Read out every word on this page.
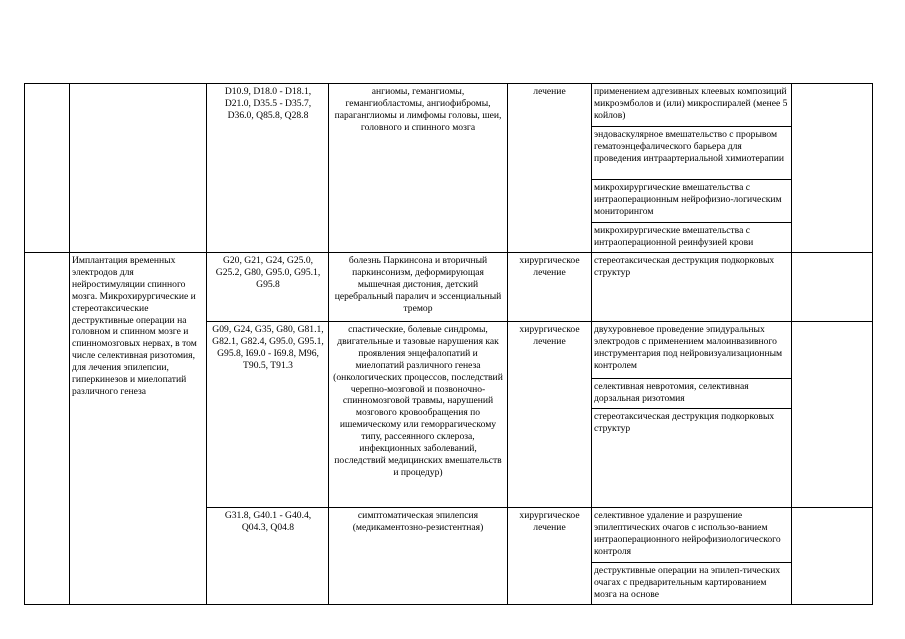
D10.9, D18.0 - D18.1, D21.0, D35.5 - D35.7, D36.0, Q85.8, Q28.8
ангиомы, гемангиомы, гемангиобластомы, ангиофибромы, параганглиомы и лимфомы головы, шеи, головного и спинного мозга
лечение	применением адгезивных клеевых композиций микроэмболов и (или) микроспиралей (менее 5 койлов)
эндоваскулярное вмешательство с прорывом гематоэнцефалического барьера для проведения интраартериальной химиотерапии
микрохирургические вмешательства с интраоперационным нейрофизио-логическим мониторингом
микрохирургические вмешательства с интраоперационной реинфузией крови
Имплантация временных электродов для нейростимуляции спинного мозга. Микрохирургические и стереотаксические деструктивные операции на головном и спинном мозге и спинномозговых нервах, в том числе селективная ризотомия, для лечения эпилепсии, гиперкинезов и миелопатий различного генеза
G20, G21, G24, G25.0, G25.2, G80, G95.0, G95.1, G95.8
болезнь Паркинсона и вторичный паркинсонизм, деформирующая мышечная дистония, детский церебральный паралич и эссенциальный тремор
хирургическое лечение
стереотаксическая деструкция подкорковых структур
G09, G24, G35, G80, G81.1, G82.1, G82.4, G95.0, G95.1, G95.8, I69.0 - I69.8, M96, T90.5, T91.3
спастические, болевые синдромы, двигательные и тазовые нарушения как проявления энцефалопатий и миелопатий различного генеза (онкологических процессов, последствий черепно-мозговой и позвоночно-спинномозговой травмы, нарушений мозгового кровообращения по ишемическому или геморрагическому типу, рассеянного склероза, инфекционных заболеваний, последствий медицинских вмешательств и процедур)
хирургическое лечение
двухуровневое проведение эпидуральных электродов с применением малоинвазивного инструментария под нейровизуализационным контролем
селективная невротомия, селективная дорзальная ризотомия
стереотаксическая деструкция подкорковых структур
G31.8, G40.1 - G40.4, Q04.3, Q04.8
симптоматическая эпилепсия (медикаментозно-резистентная)
хирургическое лечение
селективное удаление и разрушение эпилептических очагов с использо-ванием интраоперационного нейрофизиологического контроля
деструктивные операции на эпилеп-тических очагах с предварительным картированием мозга на основе
